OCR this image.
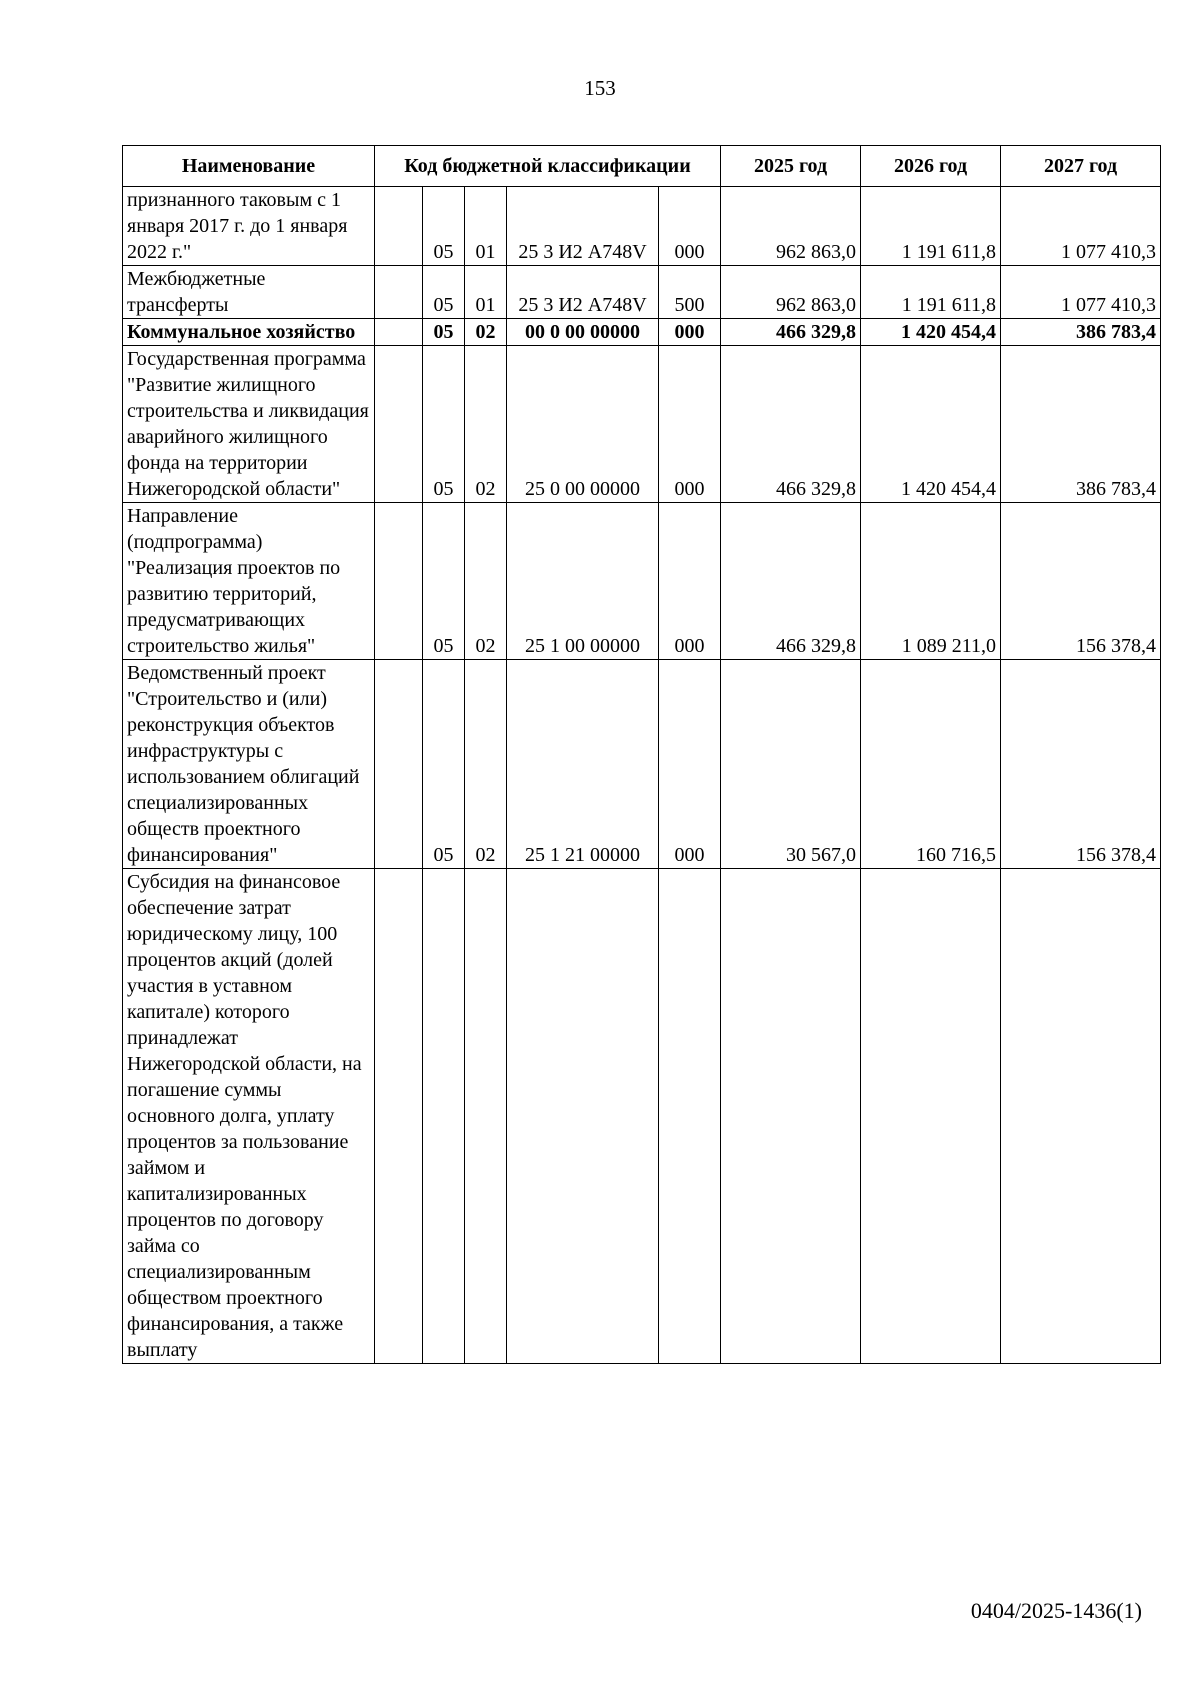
153
Наименование	Код бюджетной классификации					2025 год	2026 год	2027 год
признанного таковым с 1 января 2017 г. до 1 января 2022 г."		05	01	25 3 И2 А748V	000	962 863,0	1 191 611,8	1 077 410,3
Межбюджетные трансферты		05	01	25 3 И2 А748V	500	962 863,0	1 191 611,8	1 077 410,3
Коммунальное хозяйство		05	02	00 0 00 00000	000	466 329,8	1 420 454,4	386 783,4
Государственная программа "Развитие жилищного строительства и ликвидация аварийного жилищного фонда на территории Нижегородской области"		05	02	25 0 00 00000	000	466 329,8	1 420 454,4	386 783,4
Направление (подпрограмма) "Реализация проектов по развитию территорий, предусматривающих строительство жилья"		05	02	25 1 00 00000	000	466 329,8	1 089 211,0	156 378,4
Ведомственный проект "Строительство и (или) реконструкция объектов инфраструктуры с использованием облигаций специализированных обществ проектного финансирования"		05	02	25 1 21 00000	000	30 567,0	160 716,5	156 378,4
Субсидия на финансовое обеспечение затрат юридическому лицу, 100 процентов акций (долей участия в уставном капитале) которого принадлежат Нижегородской области, на погашение суммы основного долга, уплату процентов за пользование займом и капитализированных процентов по договору займа со специализированным обществом проектного финансирования, а также выплату								
0404/2025-1436(1)
